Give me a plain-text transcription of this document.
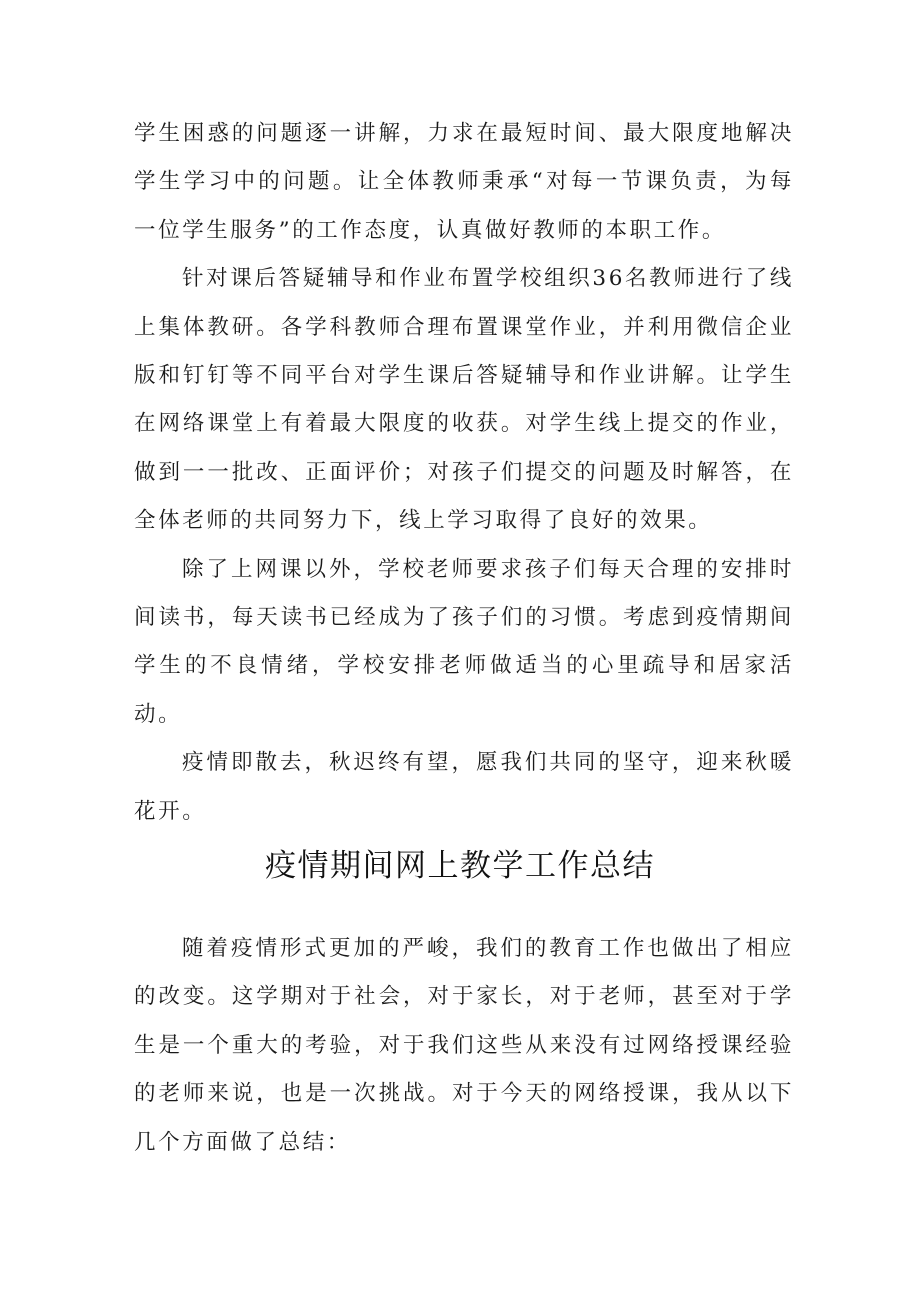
学生困惑的问题逐一讲解，力求在最短时间、最大限度地解决学生学习中的问题。让全体教师秉承“对每一节课负责，为每一位学生服务”的工作态度，认真做好教师的本职工作。

针对课后答疑辅导和作业布置学校组织36名教师进行了线上集体教研。各学科教师合理布置课堂作业，并利用微信企业版和钉钉等不同平台对学生课后答疑辅导和作业讲解。让学生在网络课堂上有着最大限度的收获。对学生线上提交的作业，做到一一批改、正面评价；对孩子们提交的问题及时解答，在全体老师的共同努力下，线上学习取得了良好的效果。

除了上网课以外，学校老师要求孩子们每天合理的安排时间读书，每天读书已经成为了孩子们的习惯。考虑到疫情期间学生的不良情绪，学校安排老师做适当的心里疏导和居家活动。

疫情即散去，秋迟终有望，愿我们共同的坚守，迎来秋暖花开。

疫情期间网上教学工作总结

随着疫情形式更加的严峻，我们的教育工作也做出了相应的改变。这学期对于社会，对于家长，对于老师，甚至对于学生是一个重大的考验，对于我们这些从来没有过网络授课经验的老师来说，也是一次挑战。对于今天的网络授课，我从以下几个方面做了总结：
